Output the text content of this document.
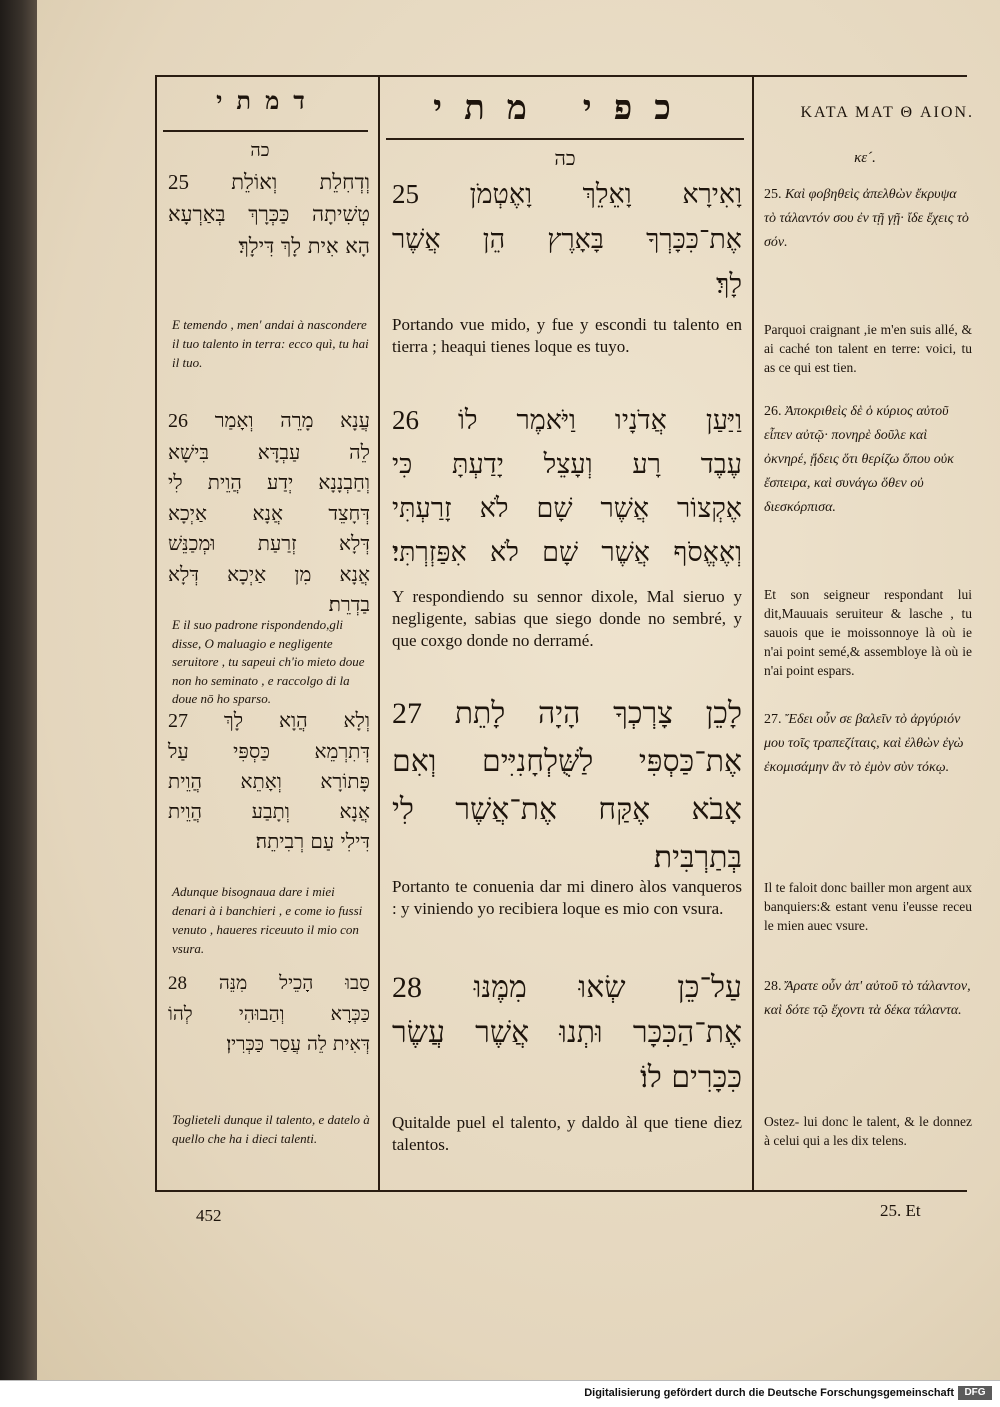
דמתי	כפי מתי	KATA MAT Θ AION.
כה	כה	κε´.
וְדְחִלֵת וְאוֹלֵת 25
טְשִׁיתָה כַּכְּרָךְ בְּאַרְעָא
הָא אִית לָךְ דִּילָךְ׃
E temendo , men' andai à nascondere il tuo talento in terra: ecco quì, tu hai il tuo.
עֲנָא מָרֵה וְאָמַר 26
לֵה עַבְדָּא בִּישָׁא
וְחַבְנָנָא יְדַע הֲוֵית לִי
דְּחָצֵד אֲנָא אַיְכָא
דְּלָא זְרַעַת וּמְכַנֵּשׁ
אֲנָא מִן אַיְכָא דְּלָא
בַדְרֵת׃
E il suo padrone rispondendo,gli disse, O maluagio e negligente seruitore , tu sapeui ch'io mieto doue non ho seminato , e raccolgo di la doue nō ho sparso.
וְלָא הֲוָא לָךְ 27
דְּתִרְמֵא כַּסְפִּי עַל
פָּתוֹרָא וְאָתֵא הֲוֵית
אֲנָא וְתָבַע הֲוֵית
דִּילִי עַם רְבִיתֵה׃
Adunque bisognaua dare i miei denari à i banchieri , e come io fussi venuto , haueres riceuuto il mio con vsura.
סַבוּ הָכֵיל מִנֵּה 28
כַּכְּרָא וְהַבוּהִי לְהוֹ
דְּאִית לֵה עֲסַר כַּכְּרִין׃
Toglieteli dunque il talento, e datelo à quello che ha i dieci talenti.
וָאִירָא וָאֵלֵךְ וָאֶטְמֹן 25
אֶת־כִּכָּרְךָ בָּאָרֶץ הֵן אֲשֶׁר
לָךְ׃
Portando vue mido, y fue y escondi tu talento en tierra ; heaqui tienes loque es tuyo.
וַיַּעַן אֲדֹנָיו וַיֹּאמֶר לוֹ 26
עֶבֶד רָע וְעָצֵל יָדַעְתָּ כִּי
אֶקְצוֹר אֲשֶׁר שָׁם לֹא זָרַעְתִּי
וְאֶאֱסֹף אֲשֶׁר שָׁם לֹא אִפַּזְרְתִּי׃
Y respondiendo su sennor dixole, Mal sieruo y negligente, sabias que siego donde no sembré, y que coxgo donde no derramé.
לָכֵן צָרְכְךָ הָיָה לָתֵת 27
אֶת־כַּסְפִּי לַשֻּׁלְחָנִיִּים וְאִם
אָבֹא אֶקַּח אֶת־אֲשֶׁר לִי
בְּתַרְבִּית׃
Portanto te conuenia dar mi dinero àlos vanqueros : y viniendo yo recibiera loque es mio con vsura.
עַל־כֵּן שְׂאוּ מִמֶּנּוּ 28
אֶת־הַכִּכָּר וּתְנוּ אֲשֶׁר עֲשֶׂר
כִּכָּרִים לוֹ׃
Quitalde puel el talento, y daldo àl que tiene diez talentos.
25. Καὶ φοβηθεὶς ἀπελθὼν ἔκρυψα τὸ τάλαντόν σου ἐν τῇ γῇ· ἴδε ἔχεις τὸ σόν.
Parquoi craignant ,ie m'en suis allé, & ai caché ton talent en terre: voici, tu as ce qui est tien.
26. Ἀποκριθεὶς δὲ ὁ κύριος αὐτοῦ εἶπεν αὐτῷ· πονηρὲ δοῦλε καὶ ὀκνηρέ, ᾔδεις ὅτι θερίζω ὅπου οὐκ ἔσπειρα, καὶ συνάγω ὅθεν οὐ διεσκόρπισα.
Et son seigneur respondant lui dit,Mauuais seruiteur & lasche , tu sauois que ie moissonnoye là où ie n'ai point semé,& assembloye là où ie n'ai point espars.
27. Ἔδει οὖν σε βαλεῖν τὸ ἀργύριόν μου τοῖς τραπεζίταις, καὶ ἐλθὼν ἐγὼ ἐκομισάμην ἂν τὸ ἐμὸν σὺν τόκῳ.
Il te faloit donc bailler mon argent aux banquiers:& estant venu i'eusse receu le mien auec vsure.
28. Ἄρατε οὖν ἀπ' αὐτοῦ τὸ τάλαντον, καὶ δότε τῷ ἔχοντι τὰ δέκα τάλαντα.
Ostez- lui donc le talent, & le donnez à celui qui a les dix telens.
452	25. Et
Digitalisierung gefördert durch die Deutsche Forschungsgemeinschaft	DFG
